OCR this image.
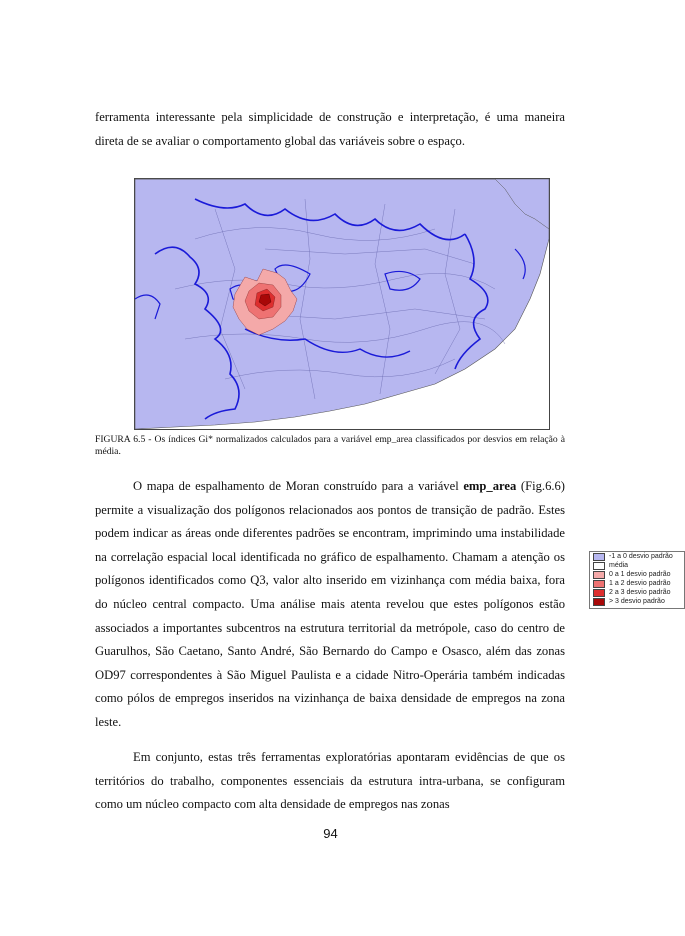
ferramenta interessante pela simplicidade de construção e interpretação, é uma maneira direta de se avaliar o comportamento global das variáveis sobre o espaço.

-1 a 0 desvio padrão
média
0 a 1 desvio padrão
1 a 2 desvio padrão
2 a 3 desvio padrão
> 3 desvio padrão

FIGURA 6.5 - Os índices Gi* normalizados calculados para a variável emp_area classificados por desvios em relação à média.

O mapa de espalhamento de Moran construído para a variável emp_area (Fig.6.6) permite a visualização dos polígonos relacionados aos pontos de transição de padrão. Estes podem indicar as áreas onde diferentes padrões se encontram, imprimindo uma instabilidade na correlação espacial local identificada no gráfico de espalhamento. Chamam a atenção os polígonos identificados como Q3, valor alto inserido em vizinhança com média baixa, fora do núcleo central compacto. Uma análise mais atenta revelou que estes polígonos estão associados a importantes subcentros na estrutura territorial da metrópole, caso do centro de Guarulhos, São Caetano, Santo André, São Bernardo do Campo e Osasco, além das zonas OD97 correspondentes à São Miguel Paulista e a cidade Nitro-Operária também indicadas como pólos de empregos inseridos na vizinhança de baixa densidade de empregos na zona leste.

Em conjunto, estas três ferramentas exploratórias apontaram evidências de que os territórios do trabalho, componentes essenciais da estrutura intra-urbana, se configuram como um núcleo compacto com alta densidade de empregos nas zonas

94
